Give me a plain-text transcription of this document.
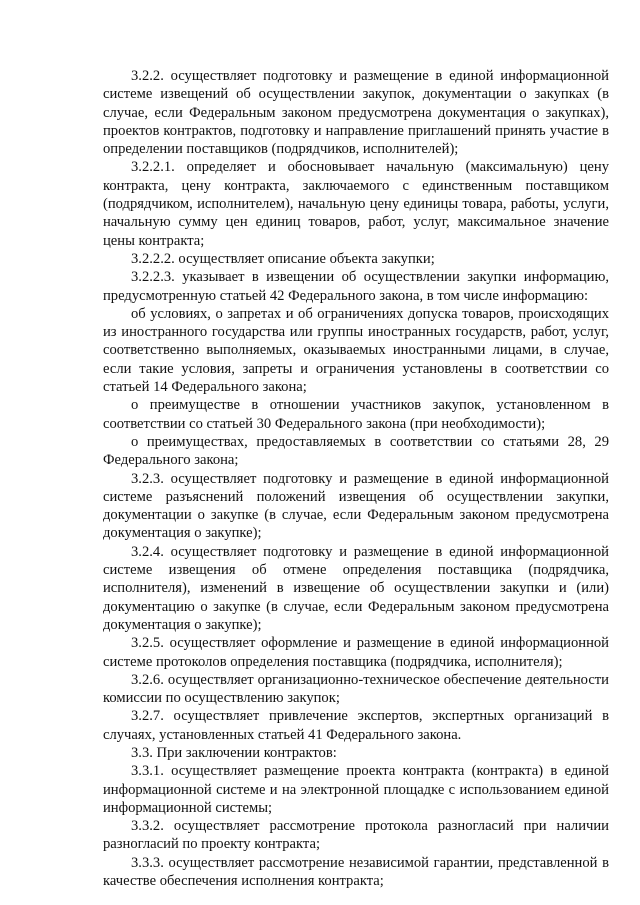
3.2.2. осуществляет подготовку и размещение в единой информационной системе извещений об осуществлении закупок, документации о закупках (в случае, если Федеральным законом предусмотрена документация о закупках), проектов контрактов, подготовку и направление приглашений принять участие в определении поставщиков (подрядчиков, исполнителей);

3.2.2.1. определяет и обосновывает начальную (максимальную) цену контракта, цену контракта, заключаемого с единственным поставщиком (подрядчиком, исполнителем), начальную цену единицы товара, работы, услуги, начальную сумму цен единиц товаров, работ, услуг, максимальное значение цены контракта;

3.2.2.2. осуществляет описание объекта закупки;

3.2.2.3. указывает в извещении об осуществлении закупки информацию, предусмотренную статьей 42 Федерального закона, в том числе информацию:

об условиях, о запретах и об ограничениях допуска товаров, происходящих из иностранного государства или группы иностранных государств, работ, услуг, соответственно выполняемых, оказываемых иностранными лицами, в случае, если такие условия, запреты и ограничения установлены в соответствии со статьей 14 Федерального закона;

о преимуществе в отношении участников закупок, установленном в соответствии со статьей 30 Федерального закона (при необходимости);

о преимуществах, предоставляемых в соответствии со статьями 28, 29 Федерального закона;

3.2.3. осуществляет подготовку и размещение в единой информационной системе разъяснений положений извещения об осуществлении закупки, документации о закупке (в случае, если Федеральным законом предусмотрена документация о закупке);

3.2.4. осуществляет подготовку и размещение в единой информационной системе извещения об отмене определения поставщика (подрядчика, исполнителя), изменений в извещение об осуществлении закупки и (или) документацию о закупке (в случае, если Федеральным законом предусмотрена документация о закупке);

3.2.5. осуществляет оформление и размещение в единой информационной системе протоколов определения поставщика (подрядчика, исполнителя);

3.2.6. осуществляет организационно-техническое обеспечение деятельности комиссии по осуществлению закупок;

3.2.7. осуществляет привлечение экспертов, экспертных организаций в случаях, установленных статьей 41 Федерального закона.

3.3. При заключении контрактов:

3.3.1. осуществляет размещение проекта контракта (контракта) в единой информационной системе и на электронной площадке с использованием единой информационной системы;

3.3.2. осуществляет рассмотрение протокола разногласий при наличии разногласий по проекту контракта;

3.3.3. осуществляет рассмотрение независимой гарантии, представленной в качестве обеспечения исполнения контракта;
